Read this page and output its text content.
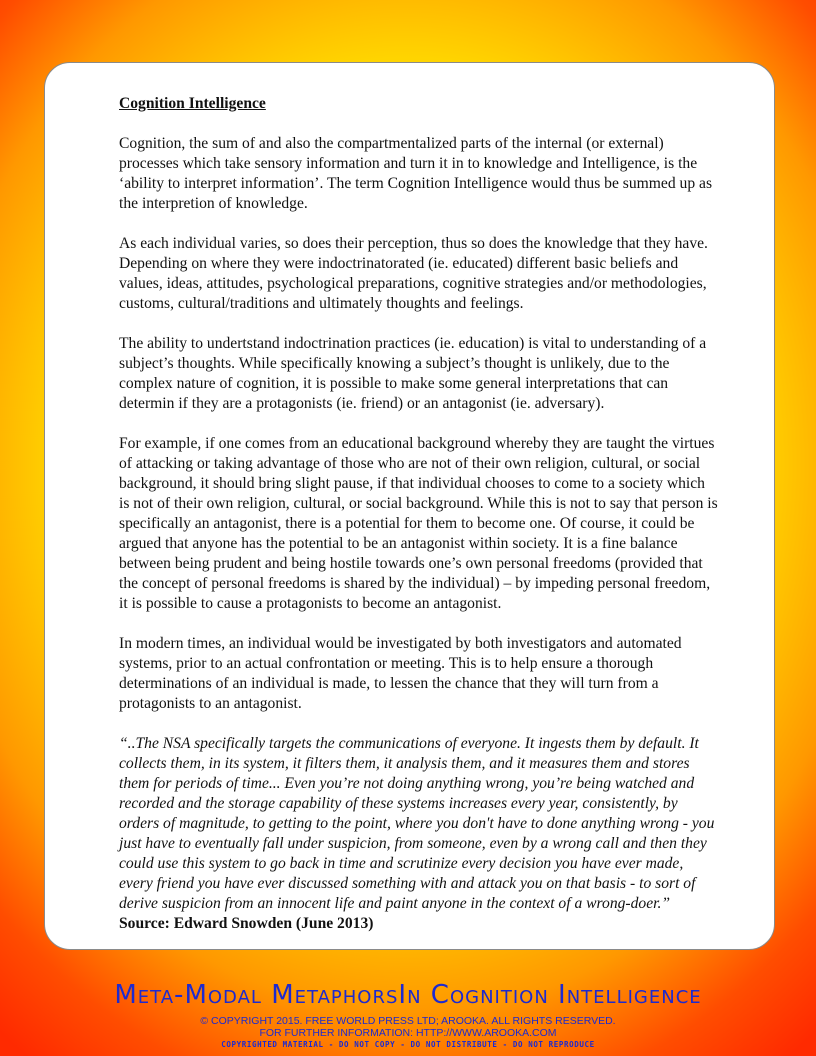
Cognition Intelligence

Cognition, the sum of and also the compartmentalized parts of the internal (or external) processes which take sensory information and turn it in to knowledge and Intelligence, is the ‘ability to interpret information’. The term Cognition Intelligence would thus be summed up as the interpretion of knowledge.

As each individual varies, so does their perception, thus so does the knowledge that they have. Depending on where they were indoctrinatorated (ie. educated) different basic beliefs and values, ideas, attitudes, psychological preparations, cognitive strategies and/or methodologies, customs, cultural/traditions and ultimately thoughts and feelings.

The ability to undertstand indoctrination practices (ie. education) is vital to understanding of a subject’s thoughts. While specifically knowing a subject’s thought is unlikely, due to the complex nature of cognition, it is possible to make some general interpretations that can determin if they are a protagonists (ie. friend) or an antagonist (ie. adversary).

For example, if one comes from an educational background whereby they are taught the virtues of attacking or taking advantage of those who are not of their own religion, cultural, or social background, it should bring slight pause, if that individual chooses to come to a society which is not of their own religion, cultural, or social background. While this is not to say that person is specifically an antagonist, there is a potential for them to become one. Of course, it could be argued that anyone has the potential to be an antagonist within society. It is a fine balance between being prudent and being hostile towards one’s own personal freedoms (provided that the concept of personal freedoms is shared by the individual) – by impeding personal freedom, it is possible to cause a protagonists to become an antagonist.

In modern times, an individual would be investigated by both investigators and automated systems, prior to an actual confrontation or meeting. This is to help ensure a thorough determinations of an individual is made, to lessen the chance that they will turn from a protagonists to an antagonist.

“..The NSA specifically targets the communications of everyone. It ingests them by default. It collects them, in its system, it filters them, it analysis them, and it measures them and stores them for periods of time... Even you’re not doing anything wrong, you’re being watched and recorded and the storage capability of these systems increases every year, consistently, by orders of magnitude, to getting to the point, where you don't have to done anything wrong - you just have to eventually fall under suspicion, from someone, even by a wrong call and then they could use this system to go back in time and scrutinize every decision you have ever made, every friend you have ever discussed something with and attack you on that basis - to sort of derive suspicion from an innocent life and paint anyone in the context of a wrong-doer.”

Source: Edward Snowden (June 2013)

Meta-Modal MetaphorsIn Cognition Intelligence
© COPYRIGHT 2015. FREE WORLD PRESS LTD; AROOKA. ALL RIGHTS RESERVED.
FOR FURTHER INFORMATION: HTTP://WWW.AROOKA.COM
COPYRIGHTED MATERIAL - DO NOT COPY - DO NOT DISTRIBUTE - DO NOT REPRODUCE
